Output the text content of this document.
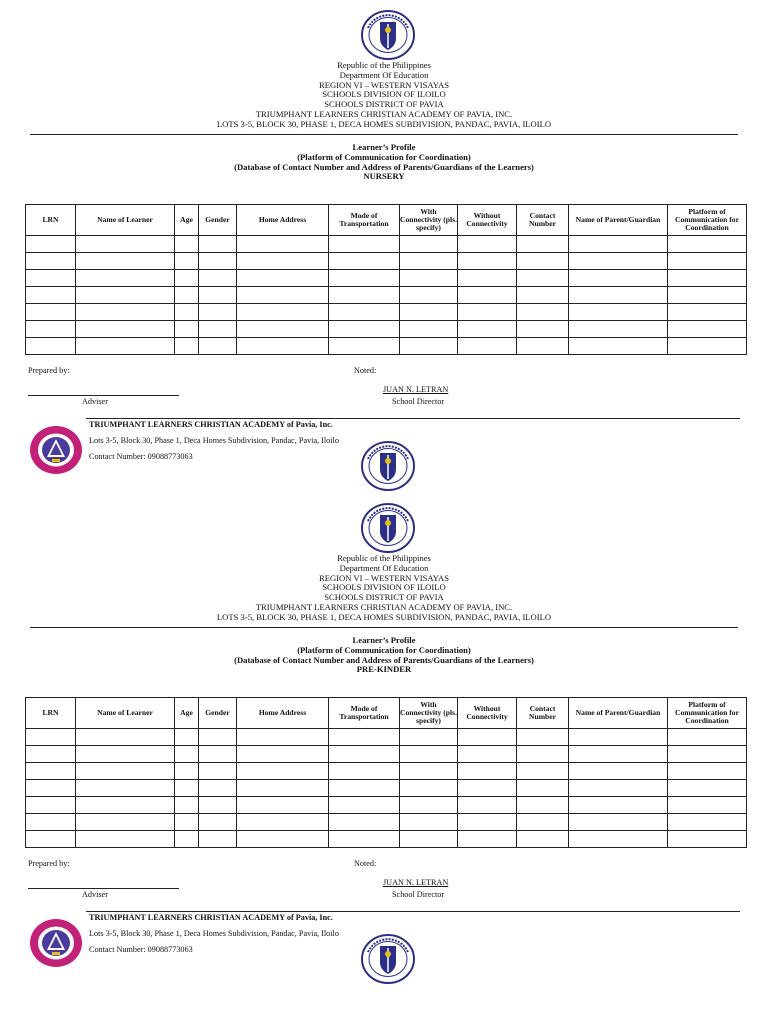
Republic of the Philippines
Department Of Education
REGION VI – WESTERN VISAYAS
SCHOOLS DIVISION OF ILOILO
SCHOOLS DISTRICT OF PAVIA
TRIUMPHANT LEARNERS CHRISTIAN ACADEMY OF PAVIA, INC.
LOTS 3-5, BLOCK 30, PHASE 1, DECA HOMES SUBDIVISION, PANDAC, PAVIA, ILOILO
Learner’s Profile
(Platform of Communication for Coordination)
(Database of Contact Number and Address of Parents/Guardians of the Learners)
NURSERY
LRN	Name of Learner	Age	Gender	Home Address	Mode of Transportation	With Connectivity (pls. specify)	Without Connectivity	Contact Number	Name of Parent/Guardian	Platform of Communication for Coordination

Prepared by:	Noted:
Adviser
JUAN N. LETRAN
School Director
TRIUMPHANT LEARNERS CHRISTIAN ACADEMY of Pavia, Inc.
Lots 3-5, Block 30, Phase 1, Deca Homes Subdivision, Pandac, Pavia, Iloilo
Contact Number: 09088773063
Republic of the Philippines
Department Of Education
REGION VI – WESTERN VISAYAS
SCHOOLS DIVISION OF ILOILO
SCHOOLS DISTRICT OF PAVIA
TRIUMPHANT LEARNERS CHRISTIAN ACADEMY OF PAVIA, INC.
LOTS 3-5, BLOCK 30, PHASE 1, DECA HOMES SUBDIVISION, PANDAC, PAVIA, ILOILO
Learner’s Profile
(Platform of Communication for Coordination)
(Database of Contact Number and Address of Parents/Guardians of the Learners)
PRE-KINDER
LRN	Name of Learner	Age	Gender	Home Address	Mode of Transportation	With Connectivity (pls. specify)	Without Connectivity	Contact Number	Name of Parent/Guardian	Platform of Communication for Coordination

Prepared by:	Noted:
Adviser
JUAN N. LETRAN
School Director
TRIUMPHANT LEARNERS CHRISTIAN ACADEMY of Pavia, Inc.
Lots 3-5, Block 30, Phase 1, Deca Homes Subdivision, Pandac, Pavia, Iloilo
Contact Number: 09088773063
